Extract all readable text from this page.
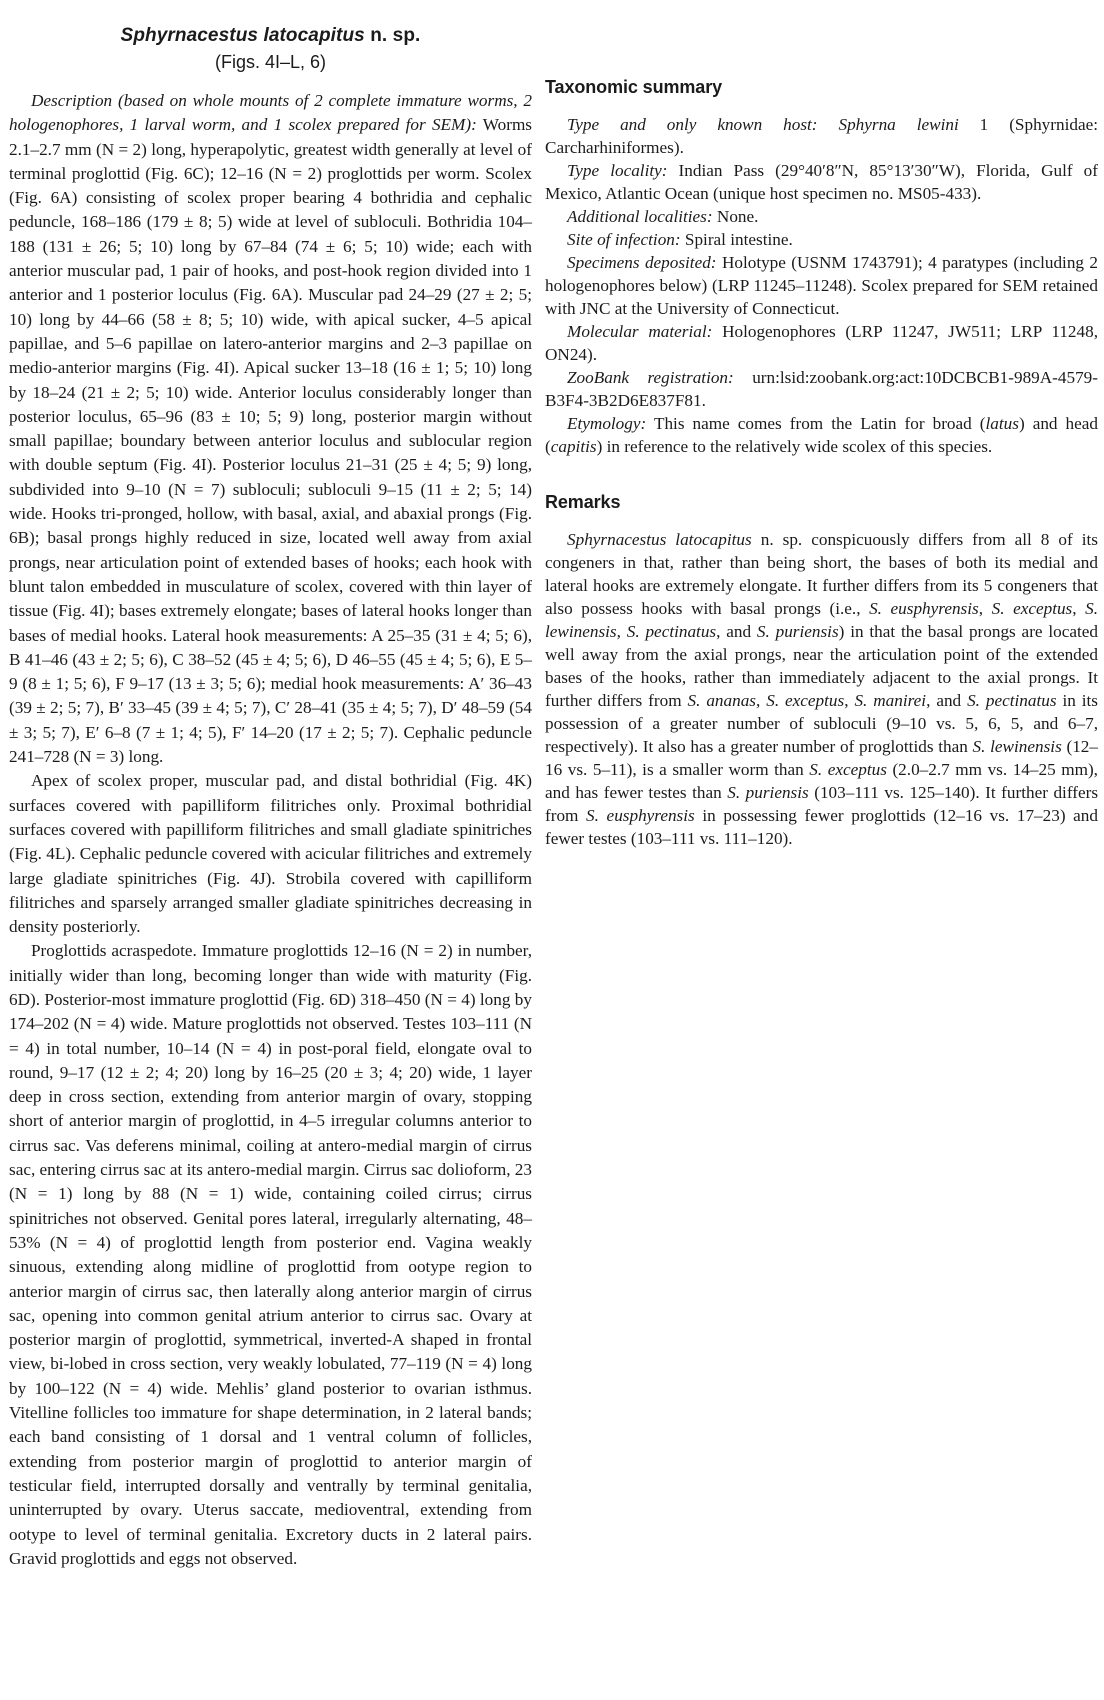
Sphyrnacestus latocapitus n. sp.
(Figs. 4I–L, 6)

Description (based on whole mounts of 2 complete immature worms, 2 hologenophores, 1 larval worm, and 1 scolex prepared for SEM): Worms 2.1–2.7 mm (N = 2) long, hyperapolytic, greatest width generally at level of terminal proglottid (Fig. 6C); 12–16 (N = 2) proglottids per worm. Scolex (Fig. 6A) consisting of scolex proper bearing 4 bothridia and cephalic peduncle, 168–186 (179 ± 8; 5) wide at level of subloculi. Bothridia 104–188 (131 ± 26; 5; 10) long by 67–84 (74 ± 6; 5; 10) wide; each with anterior muscular pad, 1 pair of hooks, and post-hook region divided into 1 anterior and 1 posterior loculus (Fig. 6A). Muscular pad 24–29 (27 ± 2; 5; 10) long by 44–66 (58 ± 8; 5; 10) wide, with apical sucker, 4–5 apical papillae, and 5–6 papillae on latero-anterior margins and 2–3 papillae on medio-anterior margins (Fig. 4I). Apical sucker 13–18 (16 ± 1; 5; 10) long by 18–24 (21 ± 2; 5; 10) wide. Anterior loculus considerably longer than posterior loculus, 65–96 (83 ± 10; 5; 9) long, posterior margin without small papillae; boundary between anterior loculus and sublocular region with double septum (Fig. 4I). Posterior loculus 21–31 (25 ± 4; 5; 9) long, subdivided into 9–10 (N = 7) subloculi; subloculi 9–15 (11 ± 2; 5; 14) wide. Hooks tri-pronged, hollow, with basal, axial, and abaxial prongs (Fig. 6B); basal prongs highly reduced in size, located well away from axial prongs, near articulation point of extended bases of hooks; each hook with blunt talon embedded in musculature of scolex, covered with thin layer of tissue (Fig. 4I); bases extremely elongate; bases of lateral hooks longer than bases of medial hooks. Lateral hook measurements: A 25–35 (31 ± 4; 5; 6), B 41–46 (43 ± 2; 5; 6), C 38–52 (45 ± 4; 5; 6), D 46–55 (45 ± 4; 5; 6), E 5–9 (8 ± 1; 5; 6), F 9–17 (13 ± 3; 5; 6); medial hook measurements: A′ 36–43 (39 ± 2; 5; 7), B′ 33–45 (39 ± 4; 5; 7), C′ 28–41 (35 ± 4; 5; 7), D′ 48–59 (54 ± 3; 5; 7), E′ 6–8 (7 ± 1; 4; 5), F′ 14–20 (17 ± 2; 5; 7). Cephalic peduncle 241–728 (N = 3) long.

Apex of scolex proper, muscular pad, and distal bothridial (Fig. 4K) surfaces covered with papilliform filitriches only. Proximal bothridial surfaces covered with papilliform filitriches and small gladiate spinitriches (Fig. 4L). Cephalic peduncle covered with acicular filitriches and extremely large gladiate spinitriches (Fig. 4J). Strobila covered with capilliform filitriches and sparsely arranged smaller gladiate spinitriches decreasing in density posteriorly.

Proglottids acraspedote. Immature proglottids 12–16 (N = 2) in number, initially wider than long, becoming longer than wide with maturity (Fig. 6D). Posterior-most immature proglottid (Fig. 6D) 318–450 (N = 4) long by 174–202 (N = 4) wide. Mature proglottids not observed. Testes 103–111 (N = 4) in total number, 10–14 (N = 4) in post-poral field, elongate oval to round, 9–17 (12 ± 2; 4; 20) long by 16–25 (20 ± 3; 4; 20) wide, 1 layer deep in cross section, extending from anterior margin of ovary, stopping short of anterior margin of proglottid, in 4–5 irregular columns anterior to cirrus sac. Vas deferens minimal, coiling at antero-medial margin of cirrus sac, entering cirrus sac at its antero-medial margin. Cirrus sac dolioform, 23 (N = 1) long by 88 (N = 1) wide, containing coiled cirrus; cirrus spinitriches not observed. Genital pores lateral, irregularly alternating, 48–53% (N = 4) of proglottid length from posterior end. Vagina weakly sinuous, extending along midline of proglottid from ootype region to anterior margin of cirrus sac, then laterally along anterior margin of cirrus sac, opening into common genital atrium anterior to cirrus sac. Ovary at posterior margin of proglottid, symmetrical, inverted-A shaped in frontal view, bi-lobed in cross section, very weakly lobulated, 77–119 (N = 4) long by 100–122 (N = 4) wide. Mehlis’ gland posterior to ovarian isthmus. Vitelline follicles too immature for shape determination, in 2 lateral bands; each band consisting of 1 dorsal and 1 ventral column of follicles, extending from posterior margin of proglottid to anterior margin of testicular field, interrupted dorsally and ventrally by terminal genitalia, uninterrupted by ovary. Uterus saccate, medioventral, extending from ootype to level of terminal genitalia. Excretory ducts in 2 lateral pairs. Gravid proglottids and eggs not observed.

Taxonomic summary

Type and only known host: Sphyrna lewini 1 (Sphyrnidae: Carcharhiniformes).

Type locality: Indian Pass (29°40′8″N, 85°13′30″W), Florida, Gulf of Mexico, Atlantic Ocean (unique host specimen no. MS05-433).

Additional localities: None.

Site of infection: Spiral intestine.

Specimens deposited: Holotype (USNM 1743791); 4 paratypes (including 2 hologenophores below) (LRP 11245–11248). Scolex prepared for SEM retained with JNC at the University of Connecticut.

Molecular material: Hologenophores (LRP 11247, JW511; LRP 11248, ON24).

ZooBank registration: urn:lsid:zoobank.org:act:10DCBCB1-989A-4579-B3F4-3B2D6E837F81.

Etymology: This name comes from the Latin for broad (latus) and head (capitis) in reference to the relatively wide scolex of this species.

Remarks

Sphyrnacestus latocapitus n. sp. conspicuously differs from all 8 of its congeners in that, rather than being short, the bases of both its medial and lateral hooks are extremely elongate. It further differs from its 5 congeners that also possess hooks with basal prongs (i.e., S. eusphyrensis, S. exceptus, S. lewinensis, S. pectinatus, and S. puriensis) in that the basal prongs are located well away from the axial prongs, near the articulation point of the extended bases of the hooks, rather than immediately adjacent to the axial prongs. It further differs from S. ananas, S. exceptus, S. manirei, and S. pectinatus in its possession of a greater number of subloculi (9–10 vs. 5, 6, 5, and 6–7, respectively). It also has a greater number of proglottids than S. lewinensis (12–16 vs. 5–11), is a smaller worm than S. exceptus (2.0–2.7 mm vs. 14–25 mm), and has fewer testes than S. puriensis (103–111 vs. 125–140). It further differs from S. eusphyrensis in possessing fewer proglottids (12–16 vs. 17–23) and fewer testes (103–111 vs. 111–120).
